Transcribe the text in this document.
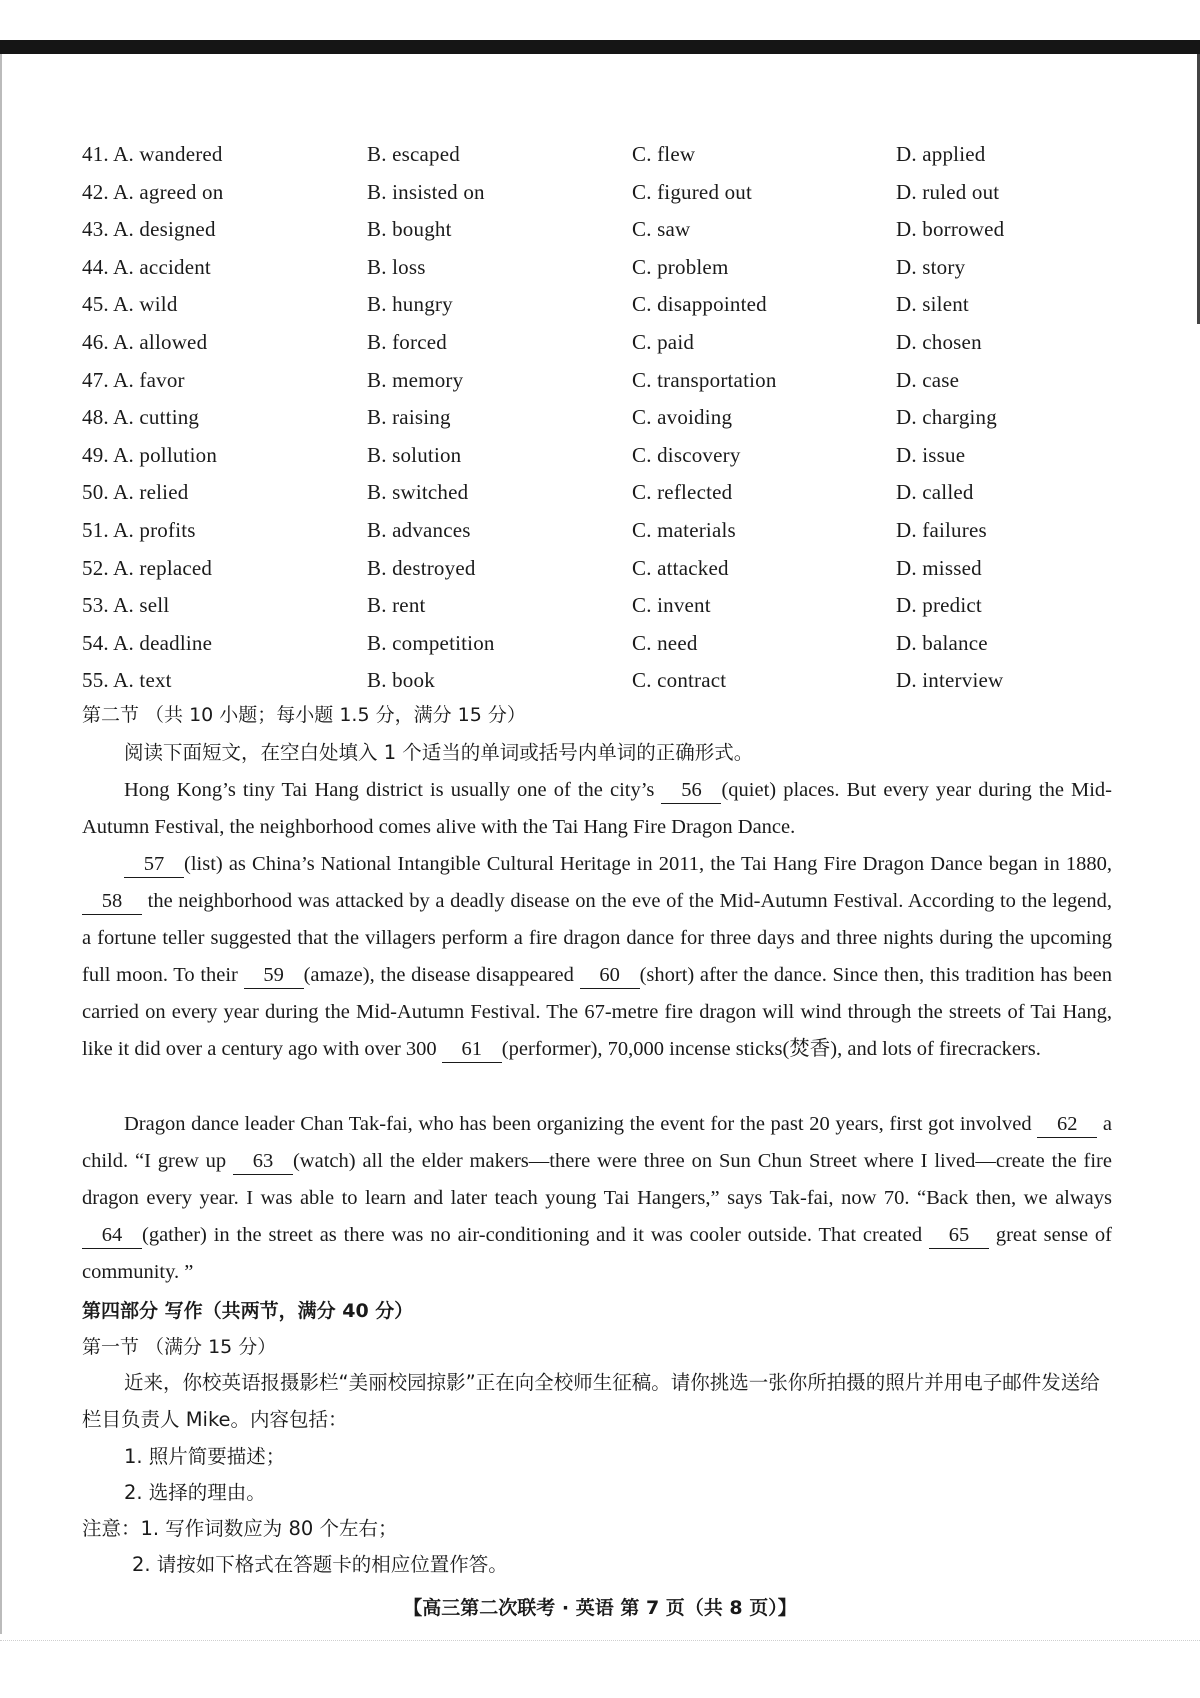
41. A. wandered	B. escaped	C. flew	D. applied
42. A. agreed on	B. insisted on	C. figured out	D. ruled out
43. A. designed	B. bought	C. saw	D. borrowed
44. A. accident	B. loss	C. problem	D. story
45. A. wild	B. hungry	C. disappointed	D. silent
46. A. allowed	B. forced	C. paid	D. chosen
47. A. favor	B. memory	C. transportation	D. case
48. A. cutting	B. raising	C. avoiding	D. charging
49. A. pollution	B. solution	C. discovery	D. issue
50. A. relied	B. switched	C. reflected	D. called
51. A. profits	B. advances	C. materials	D. failures
52. A. replaced	B. destroyed	C. attacked	D. missed
53. A. sell	B. rent	C. invent	D. predict
54. A. deadline	B. competition	C. need	D. balance
55. A. text	B. book	C. contract	D. interview
第二节 （共 10 小题；每小题 1.5 分，满分 15 分）
阅读下面短文，在空白处填入 1 个适当的单词或括号内单词的正确形式。
Hong Kong’s tiny Tai Hang district is usually one of the city’s 56 (quiet) places. But every year during the Mid-Autumn Festival, the neighborhood comes alive with the Tai Hang Fire Dragon Dance.
57 (list) as China’s National Intangible Cultural Heritage in 2011, the Tai Hang Fire Dragon Dance began in 1880, 58 the neighborhood was attacked by a deadly disease on the eve of the Mid-Autumn Festival. According to the legend, a fortune teller suggested that the villagers perform a fire dragon dance for three days and three nights during the upcoming full moon. To their 59 (amaze), the disease disappeared 60 (short) after the dance. Since then, this tradition has been carried on every year during the Mid-Autumn Festival. The 67-metre fire dragon will wind through the streets of Tai Hang, like it did over a century ago with over 300 61 (performer), 70,000 incense sticks(焚香), and lots of firecrackers.
Dragon dance leader Chan Tak-fai, who has been organizing the event for the past 20 years, first got involved 62 a child. “I grew up 63 (watch) all the elder makers—there were three on Sun Chun Street where I lived—create the fire dragon every year. I was able to learn and later teach young Tai Hangers,” says Tak-fai, now 70. “Back then, we always 64 (gather) in the street as there was no air-conditioning and it was cooler outside. That created 65 great sense of community. ”
第四部分 写作（共两节，满分 40 分）
第一节 （满分 15 分）
近来，你校英语报摄影栏“美丽校园掠影”正在向全校师生征稿。请你挑选一张你所拍摄的照片并用电子邮件发送给栏目负责人 Mike。内容包括：
1. 照片简要描述；
2. 选择的理由。
注意：1. 写作词数应为 80 个左右；
2. 请按如下格式在答题卡的相应位置作答。
【高三第二次联考 · 英语 第 7 页（共 8 页）】
